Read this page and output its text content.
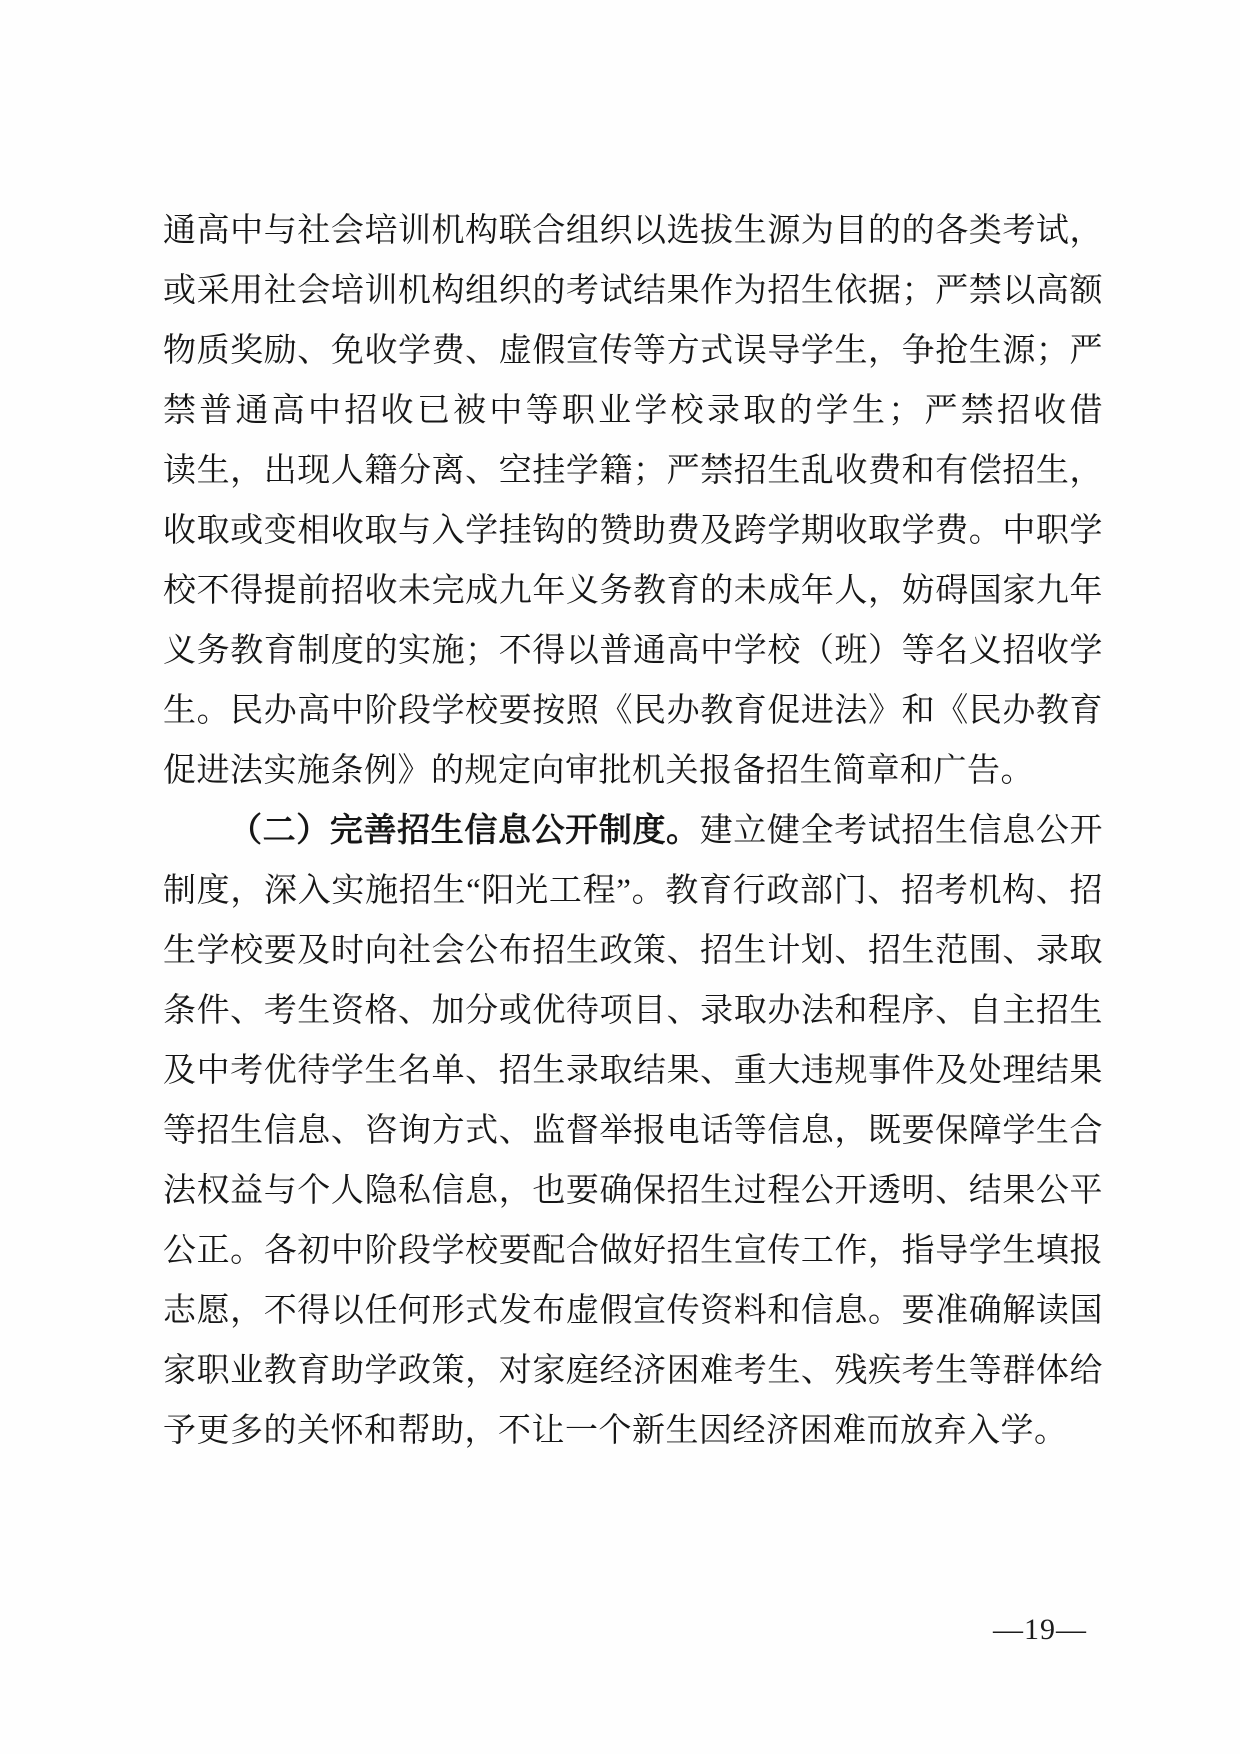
通高中与社会培训机构联合组织以选拔生源为目的的各类考试，
或采用社会培训机构组织的考试结果作为招生依据；严禁以高额
物质奖励、免收学费、虚假宣传等方式误导学生，争抢生源；严
禁普通高中招收已被中等职业学校录取的学生；严禁招收借
读生，出现人籍分离、空挂学籍；严禁招生乱收费和有偿招生，
收取或变相收取与入学挂钩的赞助费及跨学期收取学费。中职学
校不得提前招收未完成九年义务教育的未成年人，妨碍国家九年
义务教育制度的实施；不得以普通高中学校（班）等名义招收学
生。民办高中阶段学校要按照《民办教育促进法》和《民办教育
促进法实施条例》的规定向审批机关报备招生简章和广告。
（二）完善招生信息公开制度。建立健全考试招生信息公开
制度，深入实施招生“阳光工程”。教育行政部门、招考机构、招
生学校要及时向社会公布招生政策、招生计划、招生范围、录取
条件、考生资格、加分或优待项目、录取办法和程序、自主招生
及中考优待学生名单、招生录取结果、重大违规事件及处理结果
等招生信息、咨询方式、监督举报电话等信息，既要保障学生合
法权益与个人隐私信息，也要确保招生过程公开透明、结果公平
公正。各初中阶段学校要配合做好招生宣传工作，指导学生填报
志愿，不得以任何形式发布虚假宣传资料和信息。要准确解读国
家职业教育助学政策，对家庭经济困难考生、残疾考生等群体给
予更多的关怀和帮助，不让一个新生因经济困难而放弃入学。
—19—
